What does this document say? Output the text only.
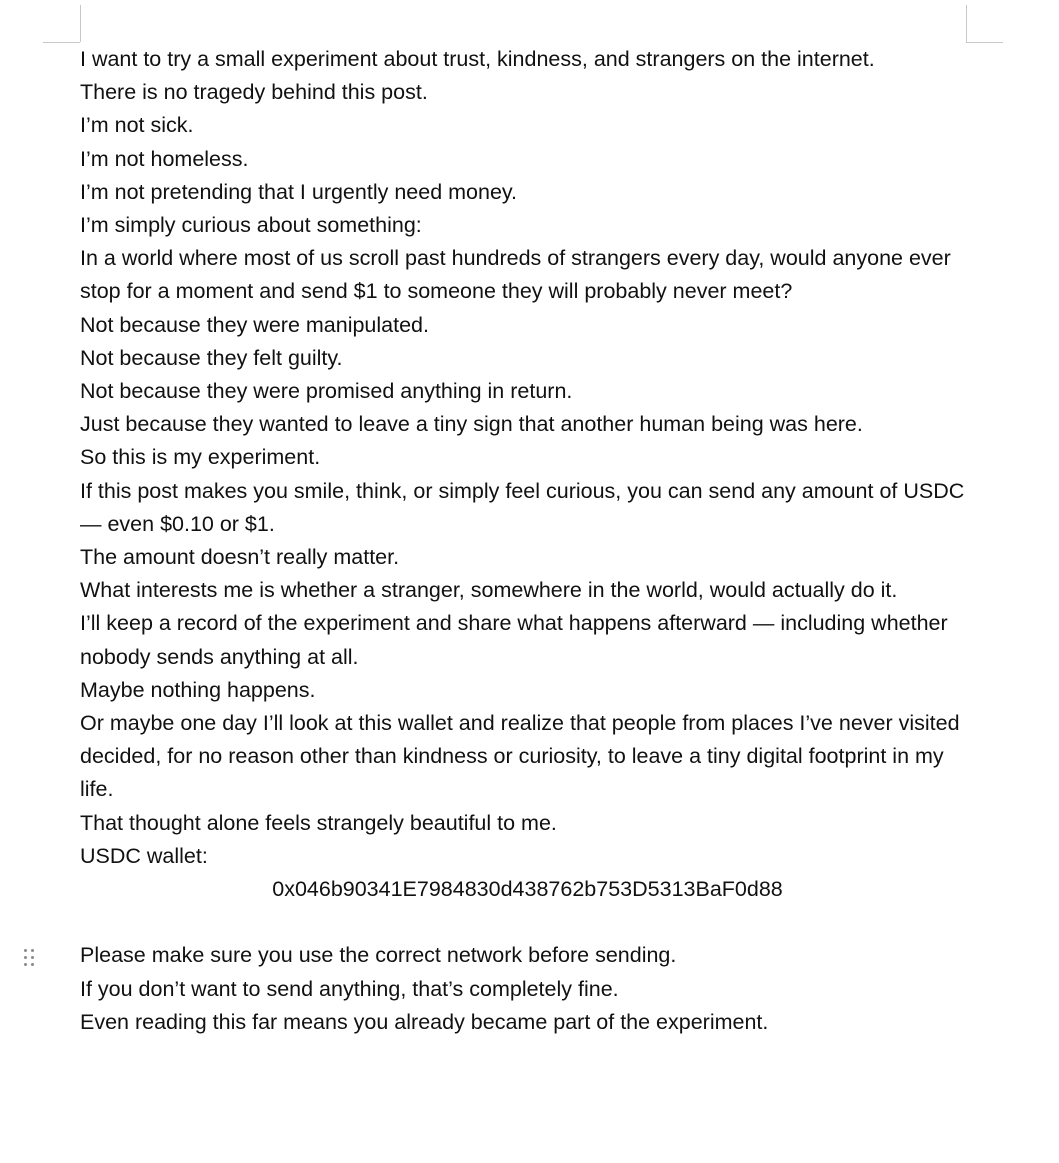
I want to try a small experiment about trust, kindness, and strangers on the internet.

There is no tragedy behind this post.

I’m not sick.

I’m not homeless.

I’m not pretending that I urgently need money.

I’m simply curious about something:

In a world where most of us scroll past hundreds of strangers every day, would anyone ever stop for a moment and send $1 to someone they will probably never meet?

Not because they were manipulated.

Not because they felt guilty.

Not because they were promised anything in return.

Just because they wanted to leave a tiny sign that another human being was here.

So this is my experiment.

If this post makes you smile, think, or simply feel curious, you can send any amount of USDC — even $0.10 or $1.

The amount doesn’t really matter.

What interests me is whether a stranger, somewhere in the world, would actually do it.

I’ll keep a record of the experiment and share what happens afterward — including whether nobody sends anything at all.

Maybe nothing happens.

Or maybe one day I’ll look at this wallet and realize that people from places I’ve never visited decided, for no reason other than kindness or curiosity, to leave a tiny digital footprint in my life.

That thought alone feels strangely beautiful to me.

USDC wallet:

0x046b90341E7984830d438762b753D5313BaF0d88

Please make sure you use the correct network before sending.

If you don’t want to send anything, that’s completely fine.

Even reading this far means you already became part of the experiment.
